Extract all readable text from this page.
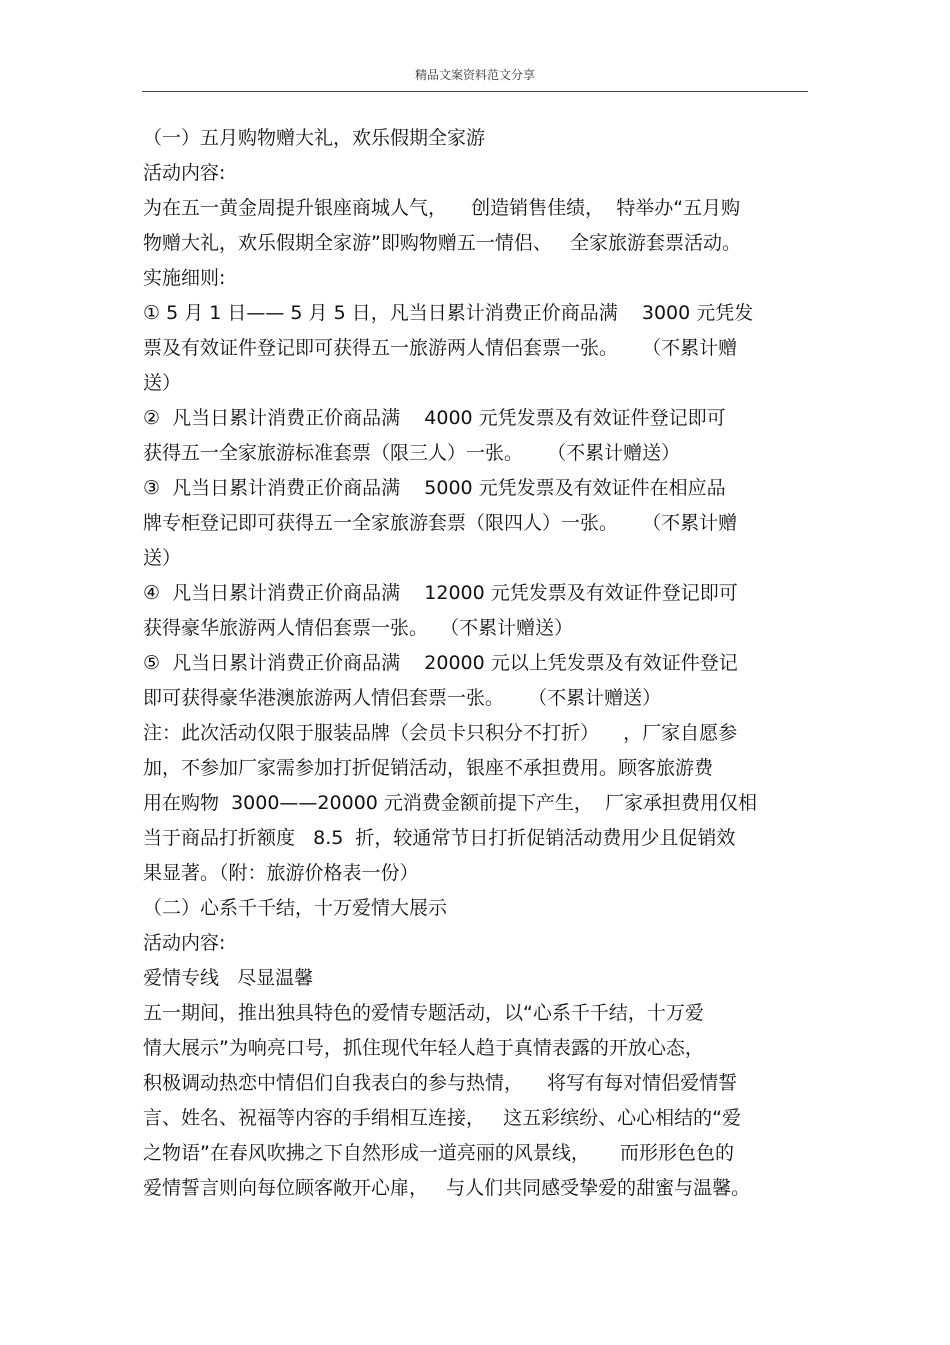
精品文案资料范文分享
（一）五月购物赠大礼，欢乐假期全家游
活动内容:
为在五一黄金周提升银座商城人气，    创造销售佳绩，  特举办“五月购
物赠大礼，欢乐假期全家游”即购物赠五一情侣、   全家旅游套票活动。
实施细则:
① 5 月 1 日—— 5 月 5 日，凡当日累计消费正价商品满    3000 元凭发
票及有效证件登记即可获得五一旅游两人情侣套票一张。    （不累计赠
送）
②  凡当日累计消费正价商品满    4000 元凭发票及有效证件登记即可
获得五一全家旅游标准套票（限三人）一张。    （不累计赠送）
③  凡当日累计消费正价商品满    5000 元凭发票及有效证件在相应品
牌专柜登记即可获得五一全家旅游套票（限四人）一张。    （不累计赠
送）
④  凡当日累计消费正价商品满    12000 元凭发票及有效证件登记即可
获得豪华旅游两人情侣套票一张。  （不累计赠送）
⑤  凡当日累计消费正价商品满    20000 元以上凭发票及有效证件登记
即可获得豪华港澳旅游两人情侣套票一张。    （不累计赠送）
注：此次活动仅限于服装品牌（会员卡只积分不打折）    ，厂家自愿参
加，不参加厂家需参加打折促销活动，银座不承担费用。顾客旅游费
用在购物  3000——20000 元消费金额前提下产生，  厂家承担费用仅相
当于商品打折额度   8.5  折，较通常节日打折促销活动费用少且促销效
果显著。（附：旅游价格表一份）
（二）心系千千结，十万爱情大展示
活动内容:
爱情专线   尽显温馨
五一期间，推出独具特色的爱情专题活动，以“心系千千结，十万爱
情大展示”为响亮口号，抓住现代年轻人趋于真情表露的开放心态，
积极调动热恋中情侣们自我表白的参与热情，    将写有每对情侣爱情誓
言、姓名、祝福等内容的手绢相互连接，   这五彩缤纷、心心相结的“爱
之物语”在春风吹拂之下自然形成一道亮丽的风景线，     而形形色色的
爱情誓言则向每位顾客敞开心扉，   与人们共同感受挚爱的甜蜜与温馨。
